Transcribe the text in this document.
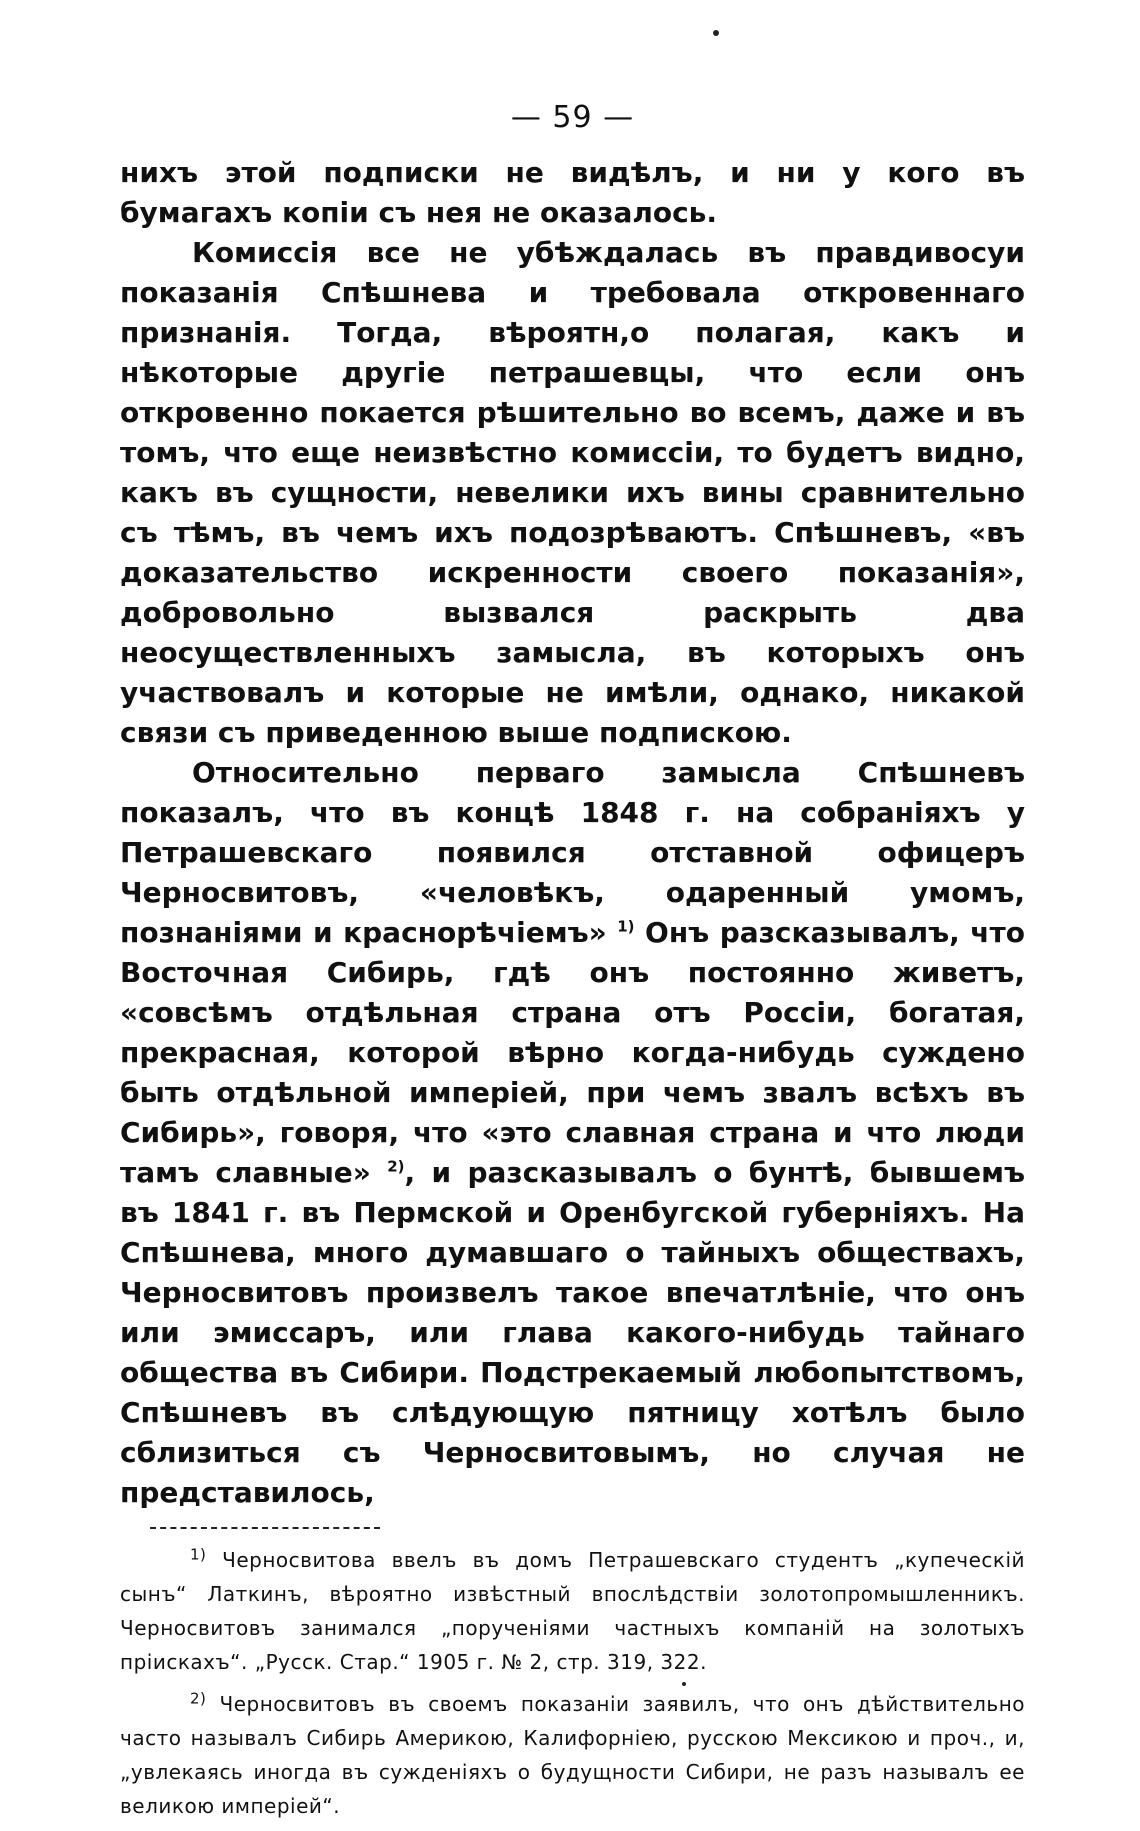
— 59 —

нихъ этой подписки не видѣлъ, и ни у кого въ бумагахъ копіи съ нея не оказалось.

Комиссія все не убѣждалась въ правдивосуи показанія Спѣшнева и требовала откровеннаго признанія. Тогда, вѣроятн,о полагая, какъ и нѣкоторые другіе петрашевцы, что если онъ откровенно покается рѣшительно во всемъ, даже и въ томъ, что еще неизвѣстно комиссіи, то будетъ видно, какъ въ сущности, невелики ихъ вины сравнительно съ тѣмъ, въ чемъ ихъ подозрѣваютъ. Спѣшневъ, «въ доказательство искренности своего показанія», добровольно вызвался раскрыть два неосуществленныхъ замысла, въ которыхъ онъ участвовалъ и которые не имѣли, однако, никакой связи съ приведенною выше подпискою.

Относительно перваго замысла Спѣшневъ показалъ, что въ концѣ 1848 г. на собраніяхъ у Петрашевскаго появился отставной офицеръ Черносвитовъ, «человѣкъ, одаренный умомъ, познаніями и краснорѣчіемъ» $^{1)}$ Онъ разсказывалъ, что Восточная Сибирь, гдѣ онъ постоянно живетъ, «совсѣмъ отдѣльная страна отъ Россіи, богатая, прекрасная, которой вѣрно когда-нибудь суждено быть отдѣльной имперіей, при чемъ звалъ всѣхъ въ Сибирь», говоря, что «это славная страна и что люди тамъ славные» $^{2)}$, и разсказывалъ о бунтѣ, бывшемъ въ 1841 г. въ Пермской и Оренбугской губерніяхъ. На Спѣшнева, много думавшаго о тайныхъ обществахъ, Черносвитовъ произвелъ такое впечатлѣніе, что онъ или эмиссаръ, или глава какого-нибудь тайнаго общества въ Сибири. Подстрекаемый любопытствомъ, Спѣшневъ въ слѣдующую пятницу хотѣлъ было сблизиться съ Черносвитовымъ, но случая не представилось,

$^{1)}$ Черносвитова ввелъ въ домъ Петрашевскаго студентъ „купеческій сынъ“ Латкинъ, вѣроятно извѣстный впослѣдствіи золотопромышленникъ. Черносвитовъ занимался „порученіями частныхъ компаній на золотыхъ пріискахъ“. „Русск. Стар.“ 1905 г. № 2, стр. 319, 322.

$^{2)}$ Черносвитовъ въ своемъ показаніи заявилъ, что онъ дѣйствительно часто называлъ Сибирь Америкою, Калифорніею, русскою Мексикою и проч., и, „увлекаясь иногда въ сужденіяхъ о будущности Сибири, не разъ называлъ ее великою имперіей“.
